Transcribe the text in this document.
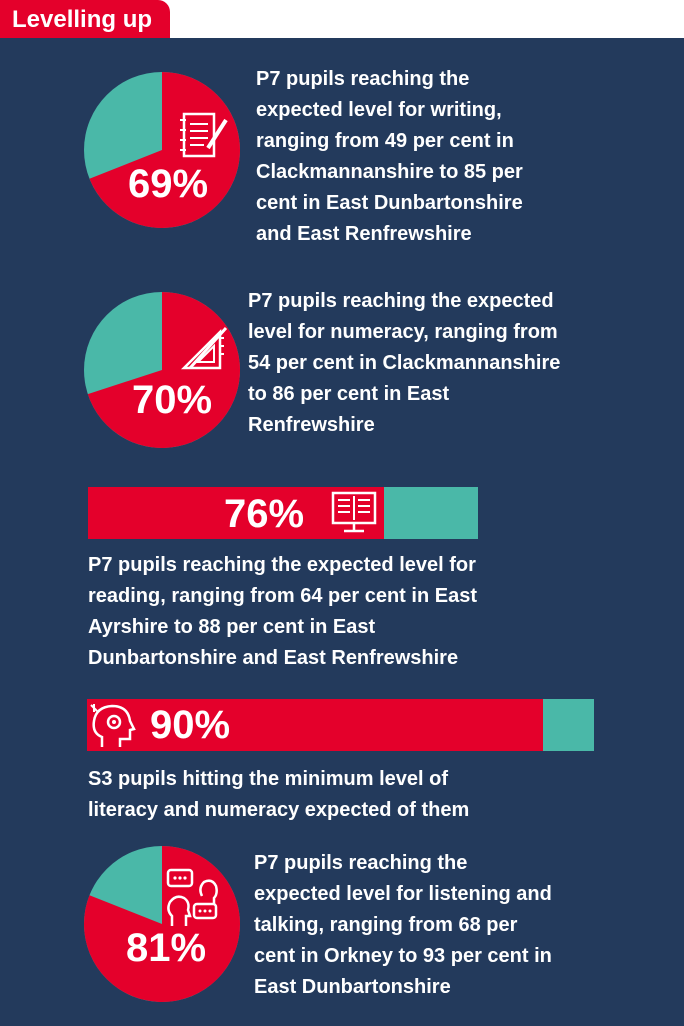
Levelling up
69%
P7 pupils reaching the expected level for writing, ranging from 49 per cent in Clackmannanshire to 85 per cent in East Dunbartonshire and East Renfrewshire
70%
P7 pupils reaching the expected level for numeracy, ranging from 54 per cent in Clackmannanshire to 86 per cent in East Renfrewshire
76%
P7 pupils reaching the expected level for reading, ranging from 64 per cent in East Ayrshire to 88 per cent in East Dunbartonshire and East Renfrewshire
90%
S3 pupils hitting the minimum level of literacy and numeracy expected of them
81%
P7 pupils reaching the expected level for listening and talking, ranging from 68 per cent in Orkney to 93 per cent in East Dunbartonshire
